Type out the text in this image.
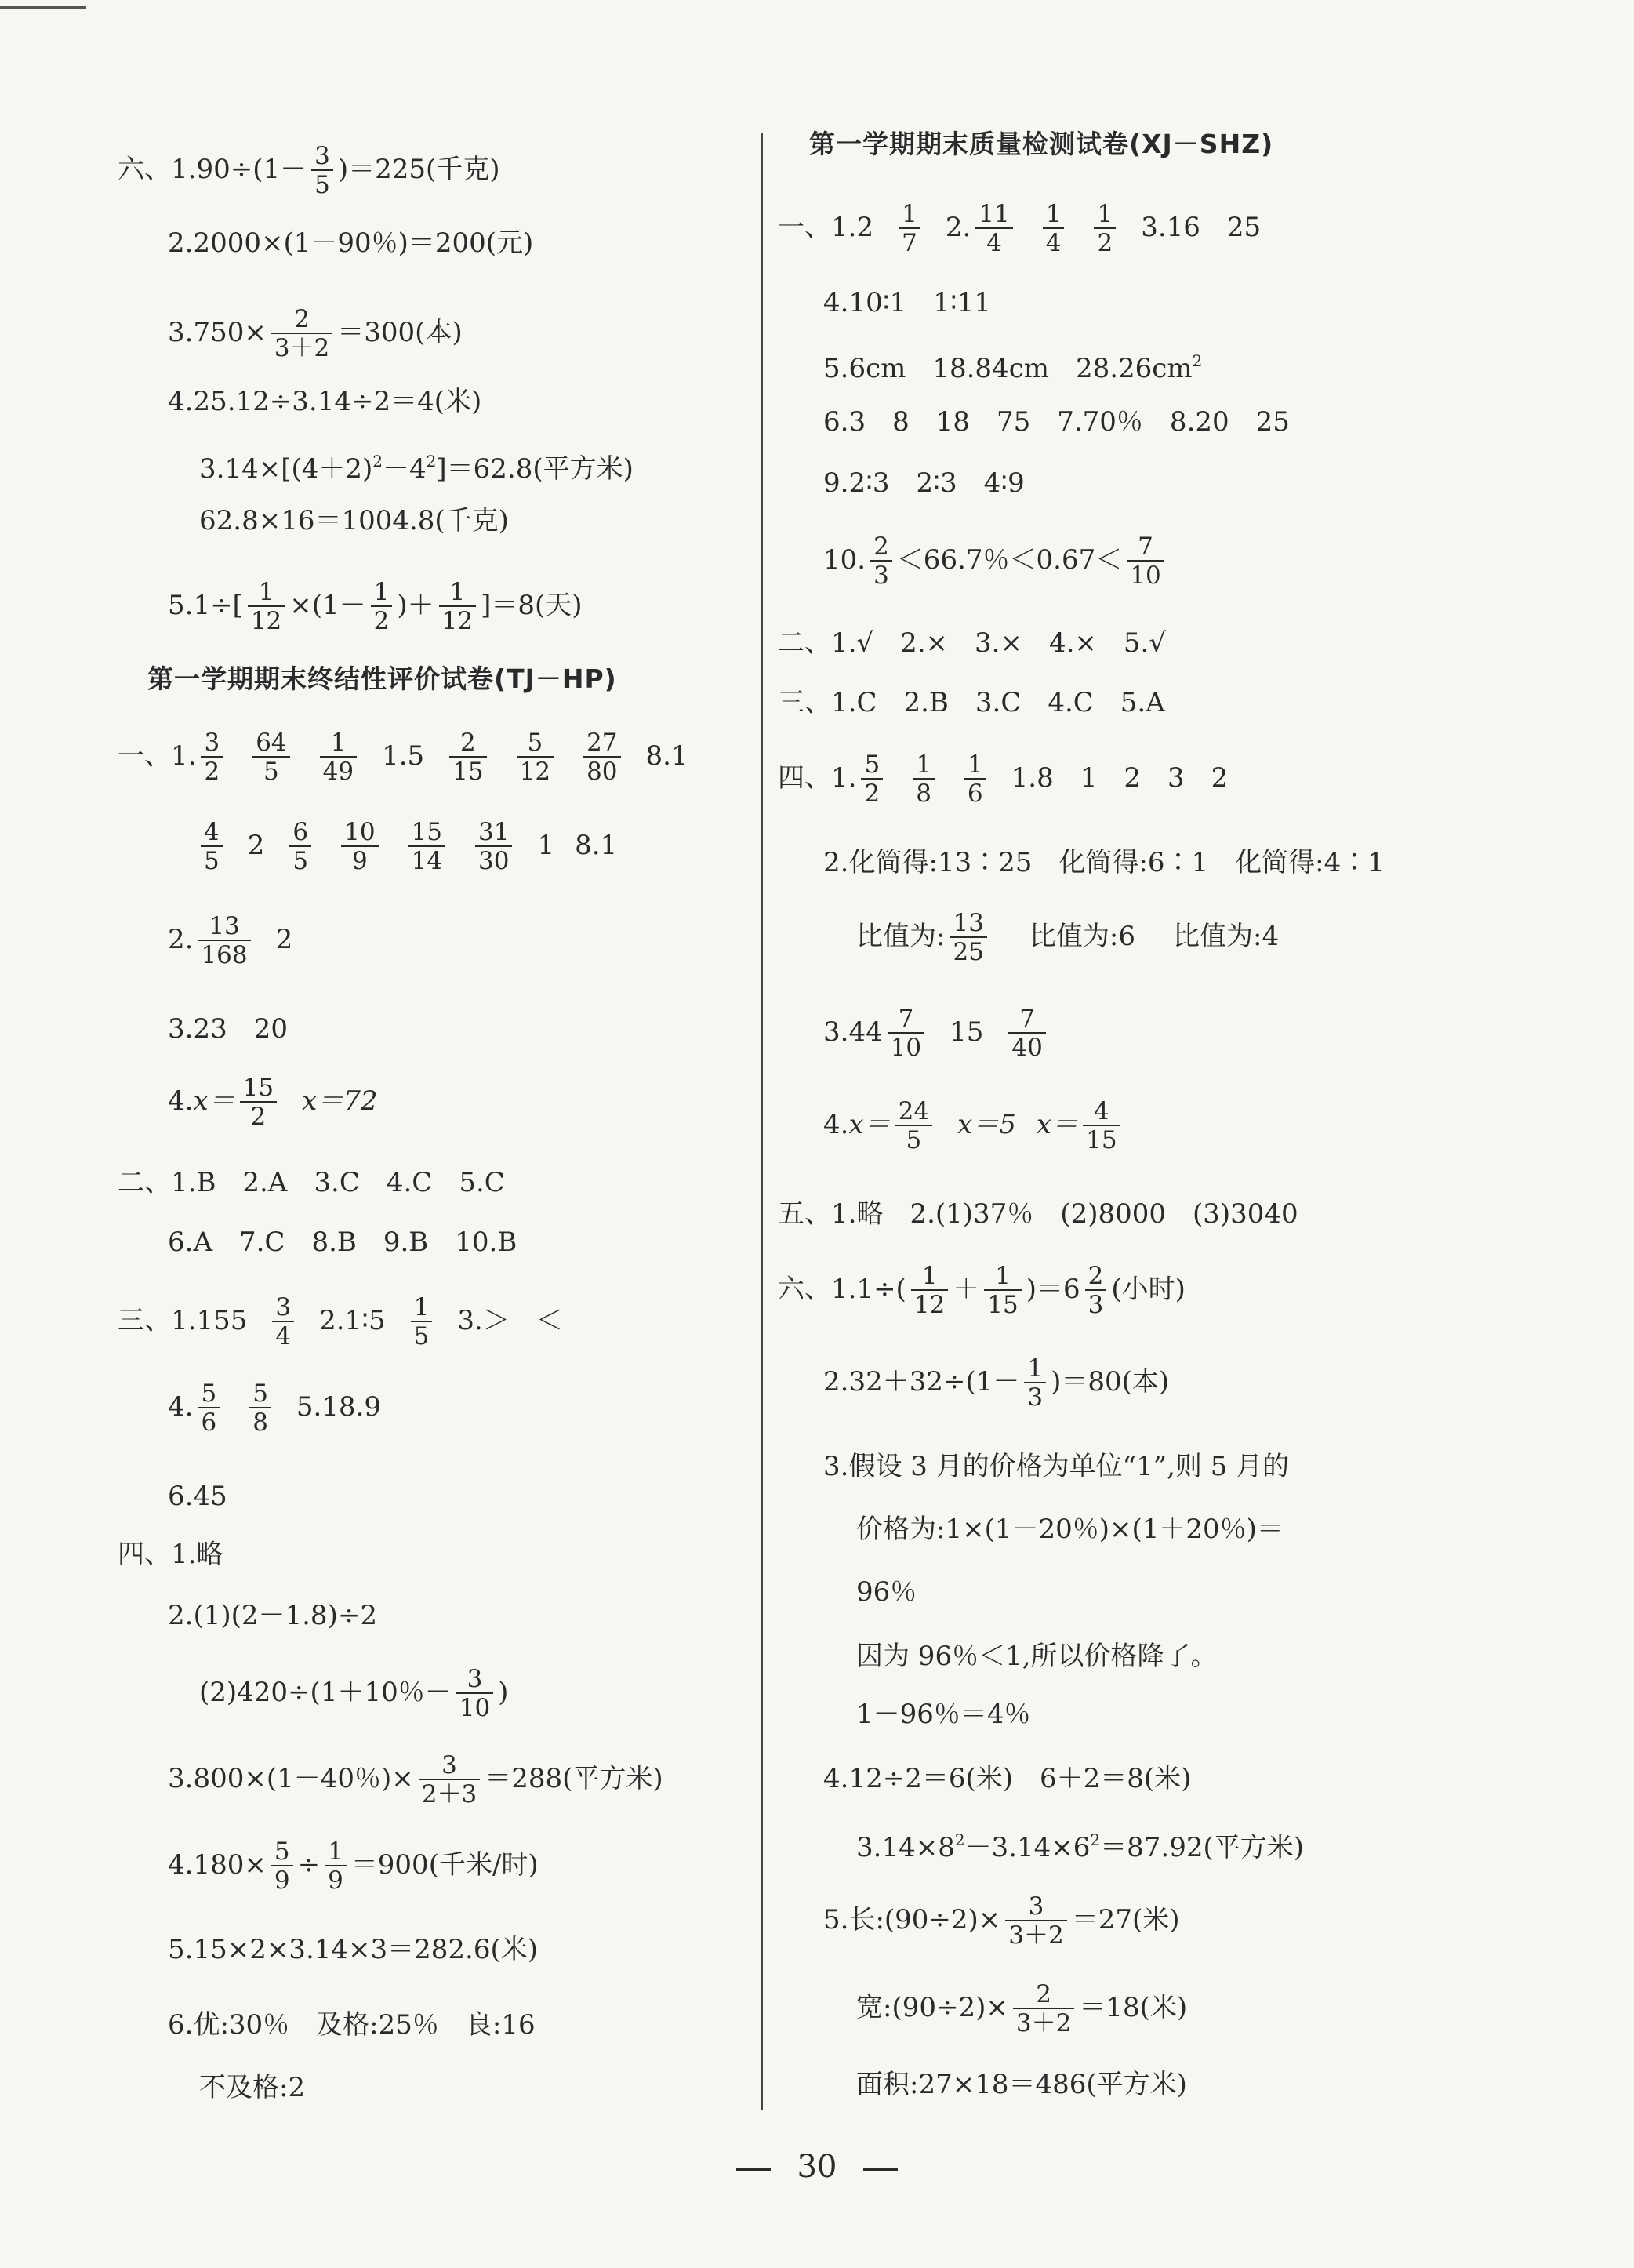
六、$1.90\div(1- \frac{3}{5} )=225$(千克)
2.2000×(1－90％)＝200(元)
$3.750\times \frac{2}{3+2} =300$(本)
4.25.12÷3.14÷2＝4(米)
$3.14\times[(4+2)^2-4^2]=62.8$(平方米)
62.8×16＝1004.8(千克)
$5.1\div[ \frac{1}{12} \times(1- \frac{1}{2}$ )＋ $\frac{1}{12} ]=8$(天)
第一学期期末终结性评价试卷(TJ－HP)
一、1. $\frac{3}{2} \frac{64}{5} \frac{1}{49} 1.5 \frac{2}{15} \frac{5}{12} \frac{27}{80} 8.1$
$\frac{4}{5} 2 \frac{6}{5} \frac{10}{9} \frac{15}{14} \frac{31}{30} 1$ 8.1
2. $\frac{13}{168} 2$
3.23　20
$4.x= \frac{15}{2} x=72$
二、1.B　2.A　3.C　4.C　5.C
6.A　7.C　8.B　9.B　10.B
三、$1.155 \frac{3}{4}$ 2.1∶5 $\frac{1}{5} 3.>$　＜
4. $\frac{5}{6} \frac{5}{8} 5.18.9$
6.45
四、1.略
2.(1)(2－1.8)÷2
(2)420÷(1＋10％－ $\frac{3}{10}$ )
3.800×(1－40％)× $\frac{3}{2+3} =288$(平方米)
$4.180\times \frac{5}{9} \div \frac{1}{9} =900$(千米/时)
5.15×2×3.14×3＝282.6(米)
6.优:30％　及格:25％　良:16
不及格:2
第一学期期末质量检测试卷(XJ－SHZ)
一、$1.2 \frac{1}{7} 2$. $\frac{11}{4} \frac{1}{4} \frac{1}{2} 3.16$　25
4.10∶1　1∶11
5.6cm　18.84cm　$28.26cm^2$
6.3　8　18　75　7.70％　8.20　25
9.2∶3　2∶3　4∶9
10. $\frac{2}{3} <66.7$％$<0.67< \frac{7}{10}$
二、1.√　2.×　3.×　4.×　5.√
三、1.C　2.B　3.C　4.C　5.A
四、1. $\frac{5}{2} \frac{1}{8} \frac{1}{6} 1.8$　1　2　3　2
2.化简得:13∶25　化简得:6∶1　化简得:4∶1
比值为: $\frac{13}{25}$ 比值为:6 比值为:4
$3.44 \frac{7}{10} 15 \frac{7}{40}$
$4.x= \frac{24}{5} x=5$ $x= \frac{4}{15}$
五、1.略　2.(1)37％　(2)8000　(3)3040
六、$1.1\div( \frac{1}{12} + \frac{1}{15} )=6 \frac{2}{3}$ (小时)
$2.32+32\div(1- \frac{1}{3} )=80$(本)
3.假设 3 月的价格为单位“1”,则 5 月的
价格为:1×(1－20％)×(1＋20％)＝
96％
因为 96％＜1,所以价格降了。
1－96％＝4％
4.12÷2＝6(米)　6＋2＝8(米)
$3.14\times 8^2-3.14\times 6^2=87.92$(平方米)
5.长:(90÷2)× $\frac{3}{3+2} =27$(米)
宽:(90÷2)× $\frac{2}{3+2} =18$(米)
面积:27×18＝486(平方米)
30
